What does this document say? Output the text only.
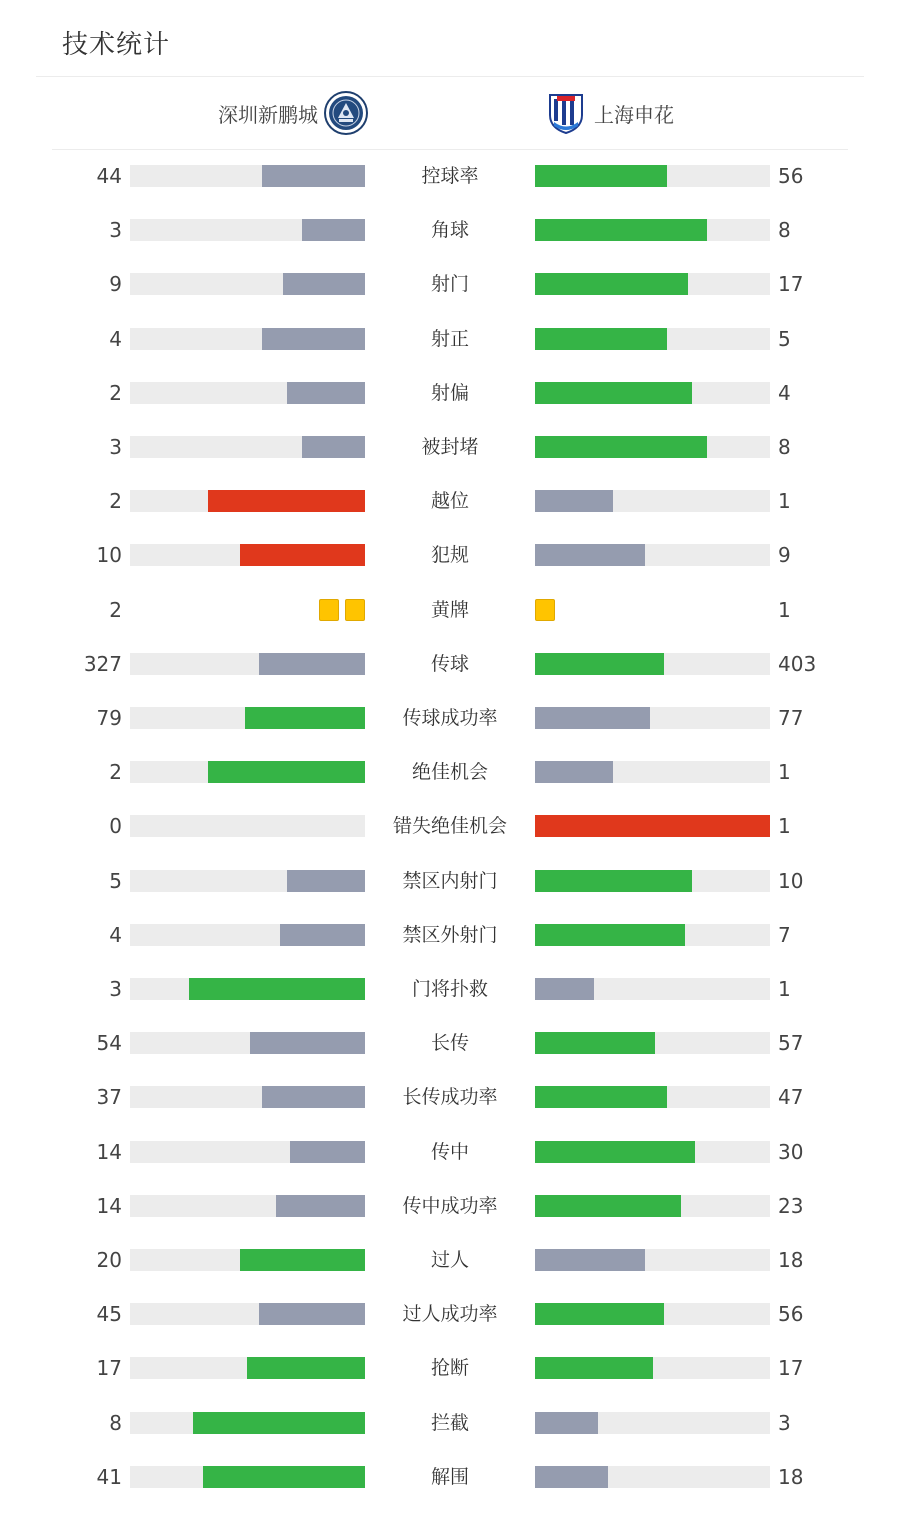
技术统计
深圳新鹏城	上海申花
44	控球率	56
3	角球	8
9	射门	17
4	射正	5
2	射偏	4
3	被封堵	8
2	越位	1
10	犯规	9
2	黄牌	1
327	传球	403
79	传球成功率	77
2	绝佳机会	1
0	错失绝佳机会	1
5	禁区内射门	10
4	禁区外射门	7
3	门将扑救	1
54	长传	57
37	长传成功率	47
14	传中	30
14	传中成功率	23
20	过人	18
45	过人成功率	56
17	抢断	17
8	拦截	3
41	解围	18
